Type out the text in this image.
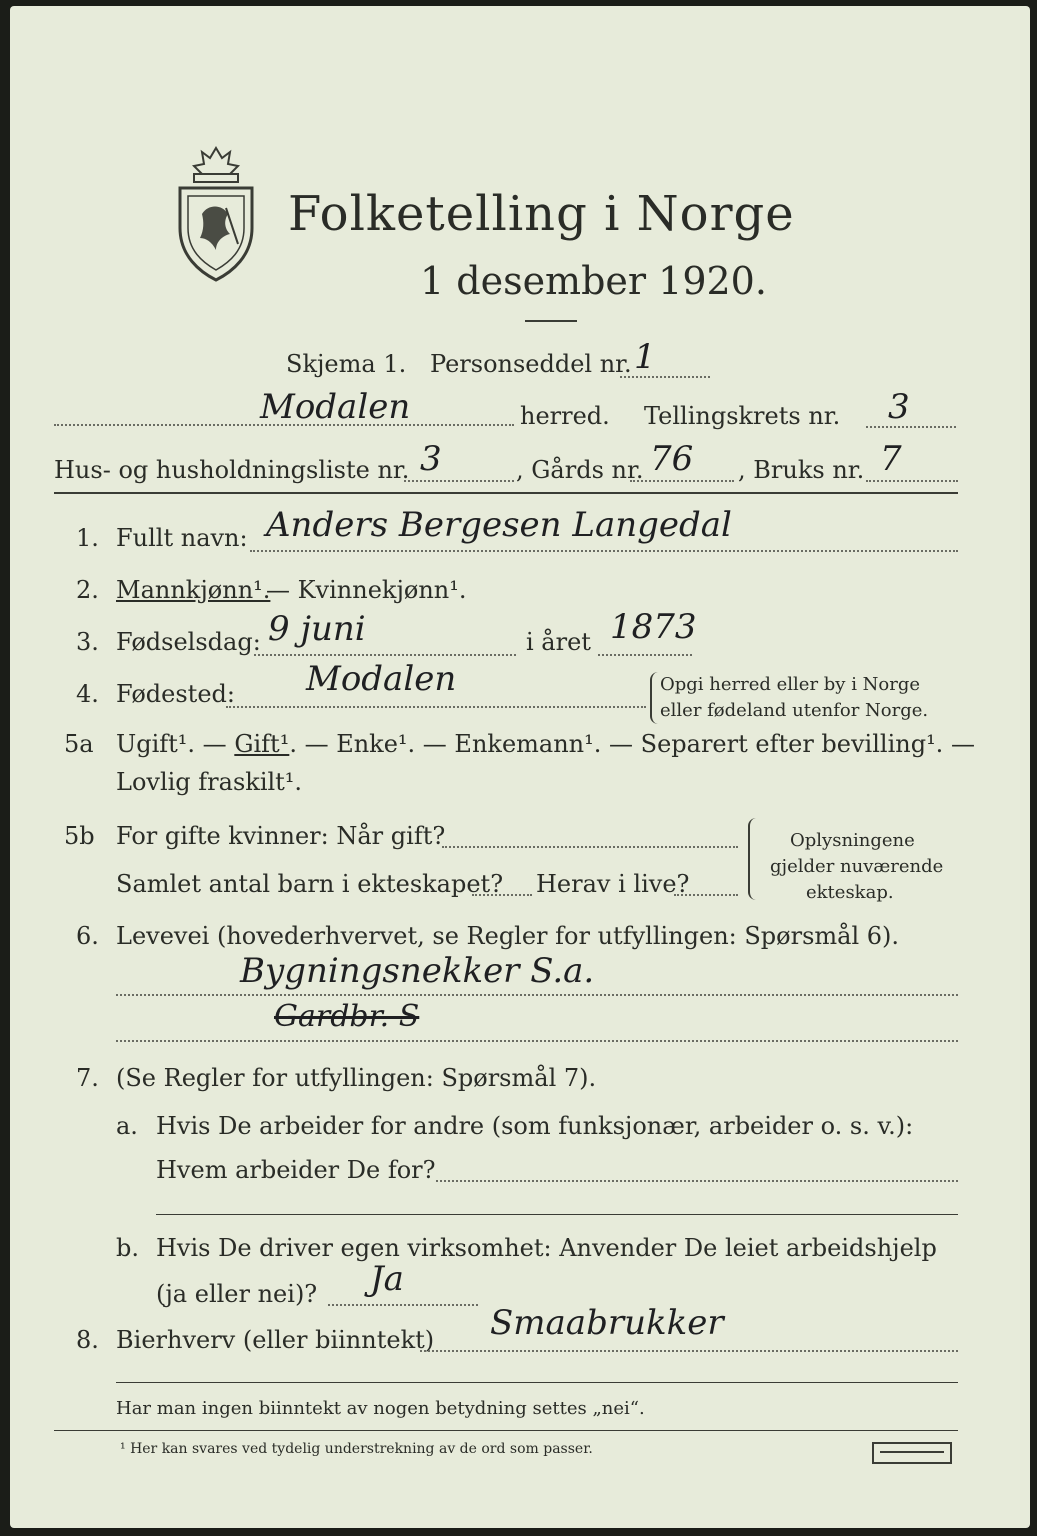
Folketelling i Norge
1 desember 1920.
Skjema 1. Personseddel nr. 1
Modalen	herred. Tellingskrets nr. 3
Hus- og husholdningsliste nr. 3	, Gårds nr. 76 , Bruks nr. 7
1. Fullt navn: Anders Bergesen Langedal
2. Mannkjønn¹.
— Kvinnekjønn¹.
3. Fødselsdag: 9 juni	i året 1873
4. Fødested: Modalen	Opgi herred eller by i Norge
eller fødeland utenfor Norge.
5a Ugift¹. — Gift¹. — Enke¹. — Enkemann¹. — Separert efter bevilling¹. —
Lovlig fraskilt¹.
5b For gifte kvinner: Når gift?
Samlet antal barn i ekteskapet? Herav i live?
Oplysningene
gjelder nuværende
ekteskap.
6. Levevei (hovederhvervet, se Regler for utfyllingen: Spørsmål 6).
Bygningsnekker S.a.
Gardbr. S
7. (Se Regler for utfyllingen: Spørsmål 7).
a. Hvis De arbeider for andre (som funksjonær, arbeider o. s. v.):
Hvem arbeider De for?
b. Hvis De driver egen virksomhet: Anvender De leiet arbeidshjelp
(ja eller nei)? Ja
8. Bierhverv (eller biinntekt) Smaabrukker
Har man ingen biinntekt av nogen betydning settes „nei“.
¹ Her kan svares ved tydelig understrekning av de ord som passer.
